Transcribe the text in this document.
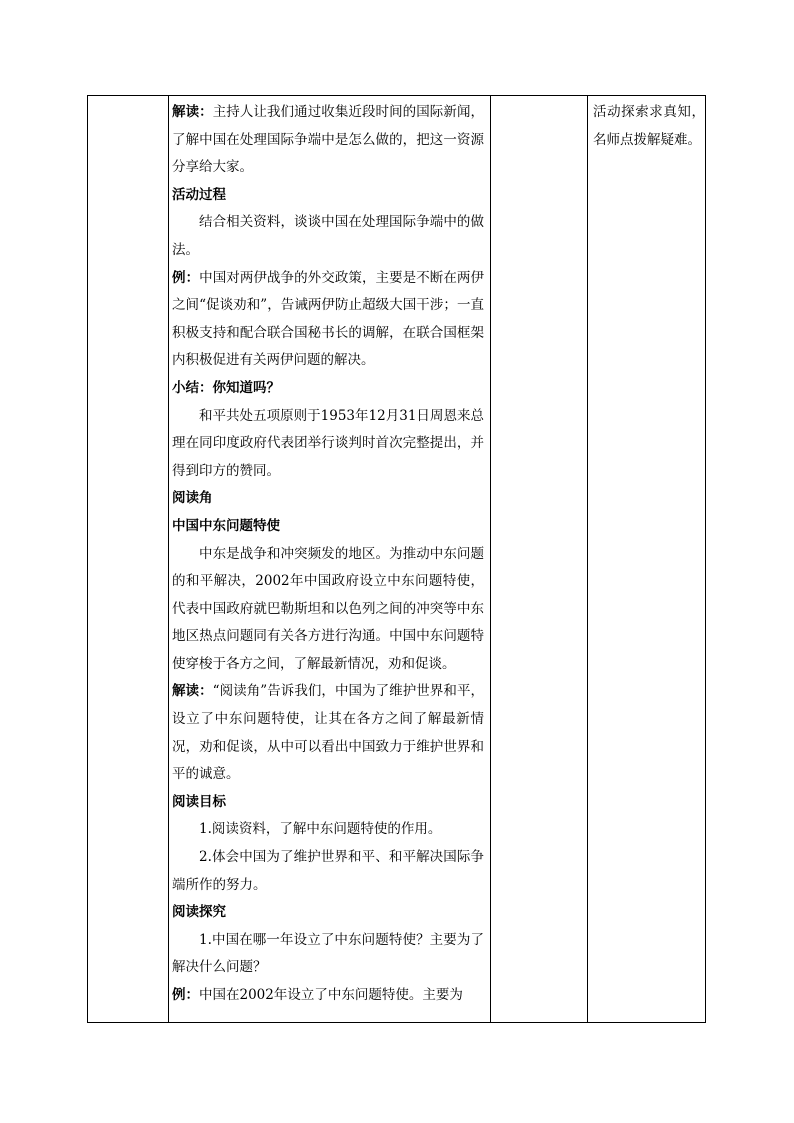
解读：主持人让我们通过收集近段时间的国际新闻，了解中国在处理国际争端中是怎么做的，把这一资源分享给大家。

活动过程

结合相关资料，谈谈中国在处理国际争端中的做法。

例：中国对两伊战争的外交政策，主要是不断在两伊之间“促谈劝和”，告诫两伊防止超级大国干涉；一直积极支持和配合联合国秘书长的调解，在联合国框架内积极促进有关两伊问题的解决。

小结：你知道吗？

和平共处五项原则于1953年12月31日周恩来总理在同印度政府代表团举行谈判时首次完整提出，并得到印方的赞同。

阅读角

中国中东问题特使

中东是战争和冲突频发的地区。为推动中东问题的和平解决，2002年中国政府设立中东问题特使，代表中国政府就巴勒斯坦和以色列之间的冲突等中东地区热点问题同有关各方进行沟通。中国中东问题特使穿梭于各方之间，了解最新情况，劝和促谈。

解读：“阅读角”告诉我们，中国为了维护世界和平，设立了中东问题特使，让其在各方之间了解最新情况，劝和促谈，从中可以看出中国致力于维护世界和平的诚意。

阅读目标

1.阅读资料，了解中东问题特使的作用。

2.体会中国为了维护世界和平、和平解决国际争端所作的努力。

阅读探究

1.中国在哪一年设立了中东问题特使？主要为了解决什么问题？

例：中国在2002年设立了中东问题特使。主要为

活动探索求真知，名师点拨解疑难。
